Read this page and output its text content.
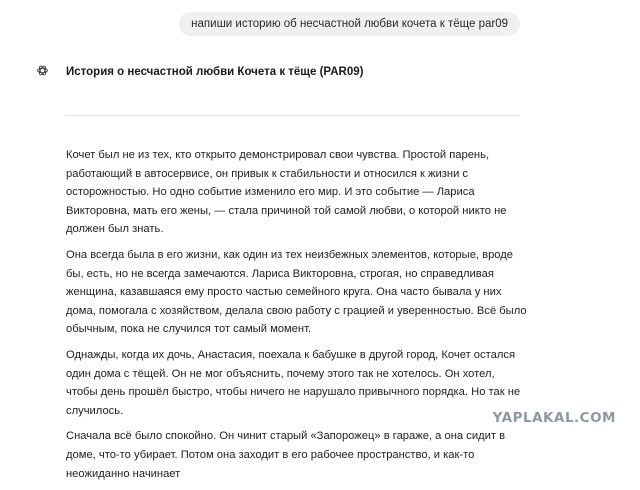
напиши историю об несчастной любви кочета к тёще par09
История о несчастной любви Кочета к тёще (PAR09)

Кочет был не из тех, кто открыто демонстрировал свои чувства. Простой парень, работающий в автосервисе, он привык к стабильности и относился к жизни с осторожностью. Но одно событие изменило его мир. И это событие — Лариса Викторовна, мать его жены, — стала причиной той самой любви, о которой никто не должен был знать.

Она всегда была в его жизни, как один из тех неизбежных элементов, которые, вроде бы, есть, но не всегда замечаются. Лариса Викторовна, строгая, но справедливая женщина, казавшаяся ему просто частью семейного круга. Она часто бывала у них дома, помогала с хозяйством, делала свою работу с грацией и уверенностью. Всё было обычным, пока не случился тот самый момент.

Однажды, когда их дочь, Анастасия, поехала к бабушке в другой город, Кочет остался один дома с тёщей. Он не мог объяснить, почему этого так не хотелось. Он хотел, чтобы день прошёл быстро, чтобы ничего не нарушало привычного порядка. Но так не случилось.

Сначала всё было спокойно. Он чинит старый «Запорожец» в гараже, а она сидит в доме, что-то убирает. Потом она заходит в его рабочее пространство, и как-то неожиданно начинает

YAPLAKAL.COM
